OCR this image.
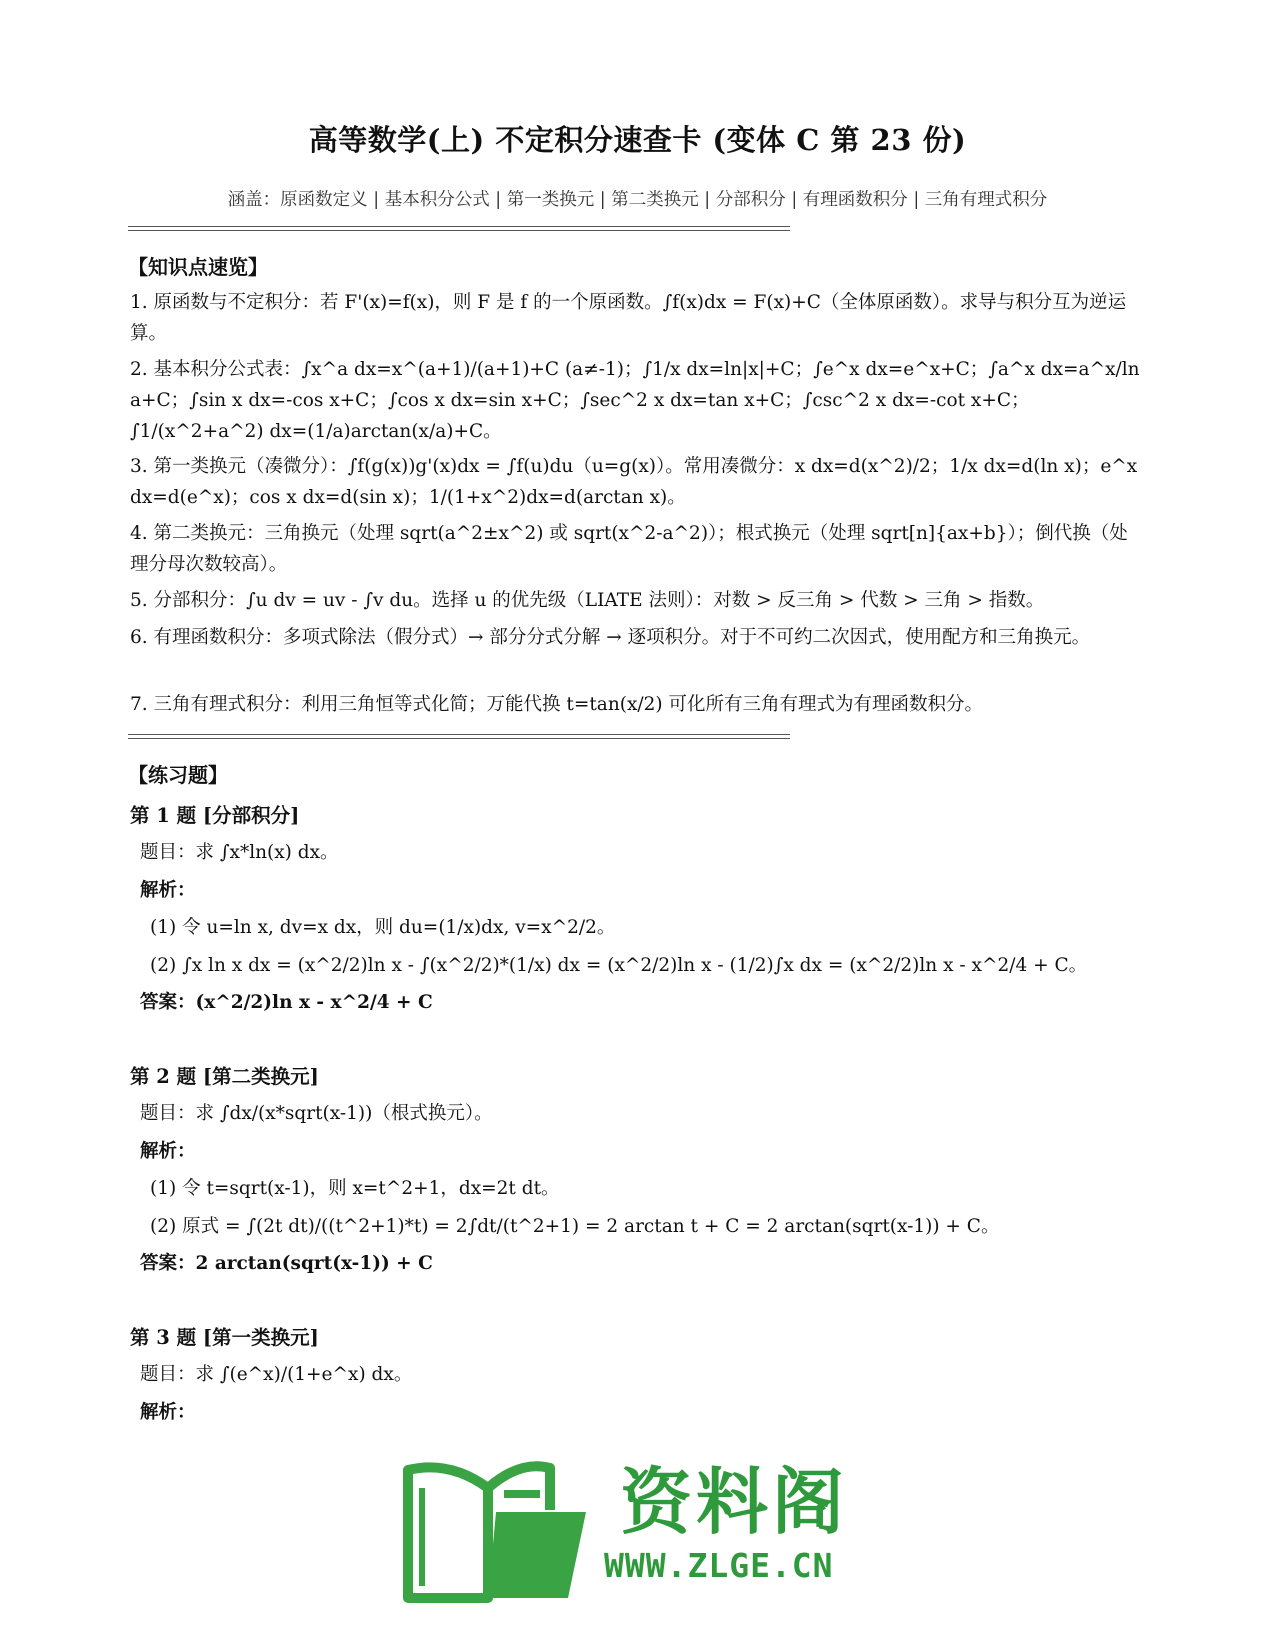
高等数学(上) 不定积分速查卡 (变体 C 第 23 份)
涵盖：原函数定义 | 基本积分公式 | 第一类换元 | 第二类换元 | 分部积分 | 有理函数积分 | 三角有理式积分
【知识点速览】
1. 原函数与不定积分：若 F'(x)=f(x)，则 F 是 f 的一个原函数。∫f(x)dx = F(x)+C（全体原函数）。求导与积分互为逆运算。
2. 基本积分公式表：∫x^a dx=x^(a+1)/(a+1)+C (a≠-1)；∫1/x dx=ln|x|+C；∫e^x dx=e^x+C；∫a^x dx=a^x/ln a+C；∫sin x dx=-cos x+C；∫cos x dx=sin x+C；∫sec^2 x dx=tan x+C；∫csc^2 x dx=-cot x+C；∫1/(x^2+a^2) dx=(1/a)arctan(x/a)+C。
3. 第一类换元（凑微分）：∫f(g(x))g'(x)dx = ∫f(u)du（u=g(x)）。常用凑微分：x dx=d(x^2)/2；1/x dx=d(ln x)；e^x dx=d(e^x)；cos x dx=d(sin x)；1/(1+x^2)dx=d(arctan x)。
4. 第二类换元：三角换元（处理 sqrt(a^2±x^2) 或 sqrt(x^2-a^2)）；根式换元（处理 sqrt[n]{ax+b}）；倒代换（处理分母次数较高）。
5. 分部积分：∫u dv = uv - ∫v du。选择 u 的优先级（LIATE 法则）：对数 > 反三角 > 代数 > 三角 > 指数。
6. 有理函数积分：多项式除法（假分式）→ 部分分式分解 → 逐项积分。对于不可约二次因式，使用配方和三角换元。
7. 三角有理式积分：利用三角恒等式化简；万能代换 t=tan(x/2) 可化所有三角有理式为有理函数积分。
【练习题】
第 1 题 [分部积分]
题目：求 ∫x*ln(x) dx。
解析：
(1) 令 u=ln x, dv=x dx，则 du=(1/x)dx, v=x^2/2。
(2) ∫x ln x dx = (x^2/2)ln x - ∫(x^2/2)*(1/x) dx = (x^2/2)ln x - (1/2)∫x dx = (x^2/2)ln x - x^2/4 + C。
答案：(x^2/2)ln x - x^2/4 + C
第 2 题 [第二类换元]
题目：求 ∫dx/(x*sqrt(x-1))（根式换元）。
解析：
(1) 令 t=sqrt(x-1)，则 x=t^2+1，dx=2t dt。
(2) 原式 = ∫(2t dt)/((t^2+1)*t) = 2∫dt/(t^2+1) = 2 arctan t + C = 2 arctan(sqrt(x-1)) + C。
答案：2 arctan(sqrt(x-1)) + C
第 3 题 [第一类换元]
题目：求 ∫(e^x)/(1+e^x) dx。
解析：
资料阁
WWW.ZLGE.CN
